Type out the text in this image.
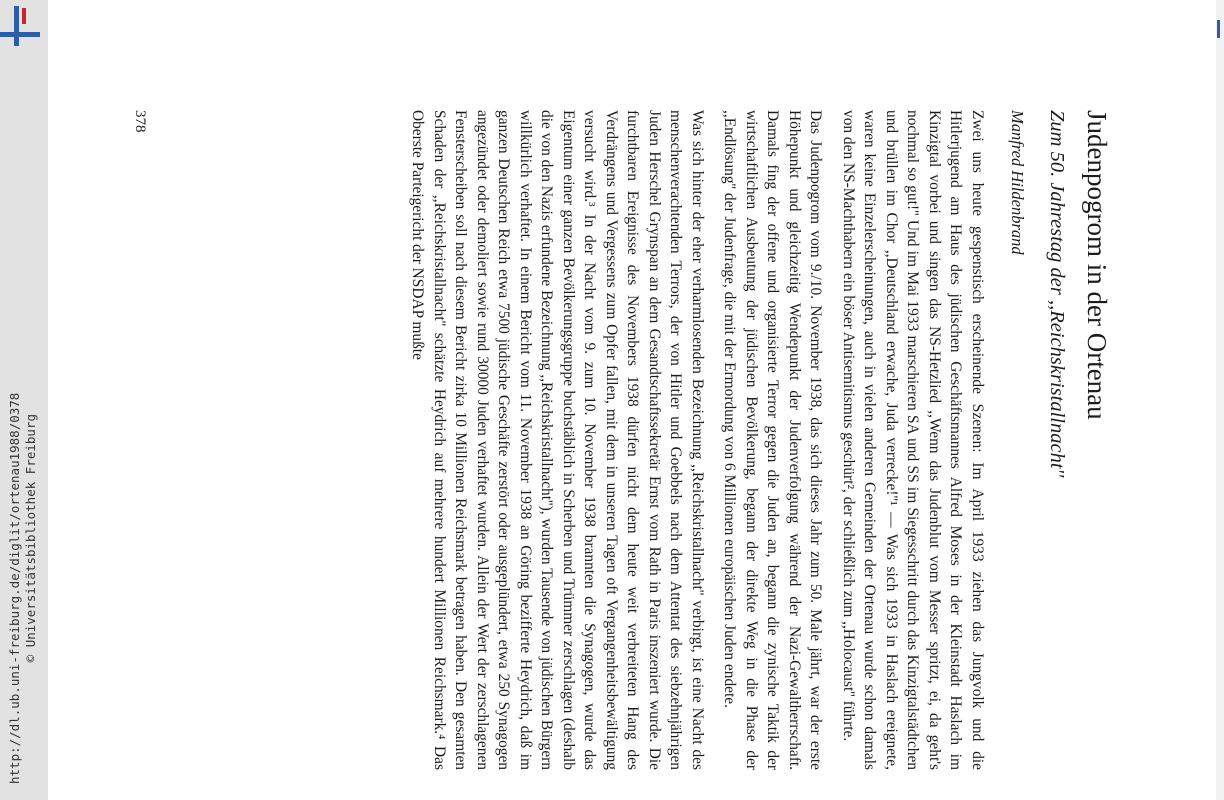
http://dl.ub.uni-freiburg.de/diglit/ortenau1988/0378 © Universitätsbibliothek Freiburg
Judenpogrom in der Ortenau
Zum 50. Jahrestag der ,,Reichskristallnacht''
Manfred Hildenbrand

Zwei uns heute gespenstisch erscheinende Szenen: Im April 1933 ziehen das Jungvolk und die Hitlerjugend am Haus des jüdischen Geschäftsmannes Alfred Moses in der Kleinstadt Haslach im Kinzigtal vorbei und singen das NS-Hetzlied ,,Wenn das Judenblut vom Messer spritzt, ei, da geht's nochmal so gut!'' Und im Mai 1933 marschieren SA und SS im Siegesschritt durch das Kinzigtalstädtchen und brüllen im Chor ,,Deutschland erwache, Juda verrecke!''¹ — Was sich 1933 in Haslach ereignete, waren keine Einzelerscheinungen, auch in vielen anderen Gemeinden der Ortenau wurde schon damals von den NS-Machthabern ein böser Antisemitismus geschürt², der schließlich zum ,,Holocaust'' führte.

Das Judenpogrom vom 9./10. November 1938, das sich dieses Jahr zum 50. Male jährt, war der erste Höhepunkt und gleichzeitig Wendepunkt der Judenverfolgung während der Nazi-Gewaltherrschaft. Damals fing der offene und organisierte Terror gegen die Juden an, begann die zynische Taktik der wirtschaftlichen Ausbeutung der jüdischen Bevölkerung, begann der direkte Weg in die Phase der ,,Endlösung'' der Judenfrage, die mit der Ermordung von 6 Millionen europäischen Juden endete.

Was sich hinter der eher verharmlosenden Bezeichnung ,,Reichskristallnacht'' verbirgt, ist eine Nacht des menschenverachtenden Terrors, der von Hitler und Goebbels nach dem Attentat des siebzehnjährigen Juden Herschel Grynspan an dem Gesandtschaftssekretär Ernst vom Rath in Paris inszeniert wurde. Die furchtbaren Ereignisse des Novembers 1938 dürfen nicht dem heute weit verbreiteten Hang des Verdrängens und Vergessens zum Opfer fallen, mit dem in unseren Tagen oft Vergangenheitsbewältigung versucht wird.³ In der Nacht vom 9. zum 10. November 1938 brannten die Synagogen, wurde das Eigentum einer ganzen Bevölkerungsgruppe buchstäblich in Scherben und Trümmer zerschlagen (deshalb die von den Nazis erfundene Bezeichnung ,,Reichskristallnacht''), wurden Tausende von jüdischen Bürgern willkürlich verhaftet. In einem Bericht vom 11. November 1938 an Göring bezifferte Heydrich, daß im ganzen Deutschen Reich etwa 7500 jüdische Geschäfte zerstört oder ausgeplündert, etwa 250 Synagogen angezündet oder demoliert sowie rund 30000 Juden verhaftet wurden. Allein der Wert der zerschlagenen Fensterscheiben soll nach diesem Bericht zirka 10 Millionen Reichsmark betragen haben. Den gesamten Schaden der ,,Reichskristallnacht'' schätzte Heydrich auf mehrere hundert Millionen Reichsmark.⁴ Das Oberste Parteigericht der NSDAP mußte

378
